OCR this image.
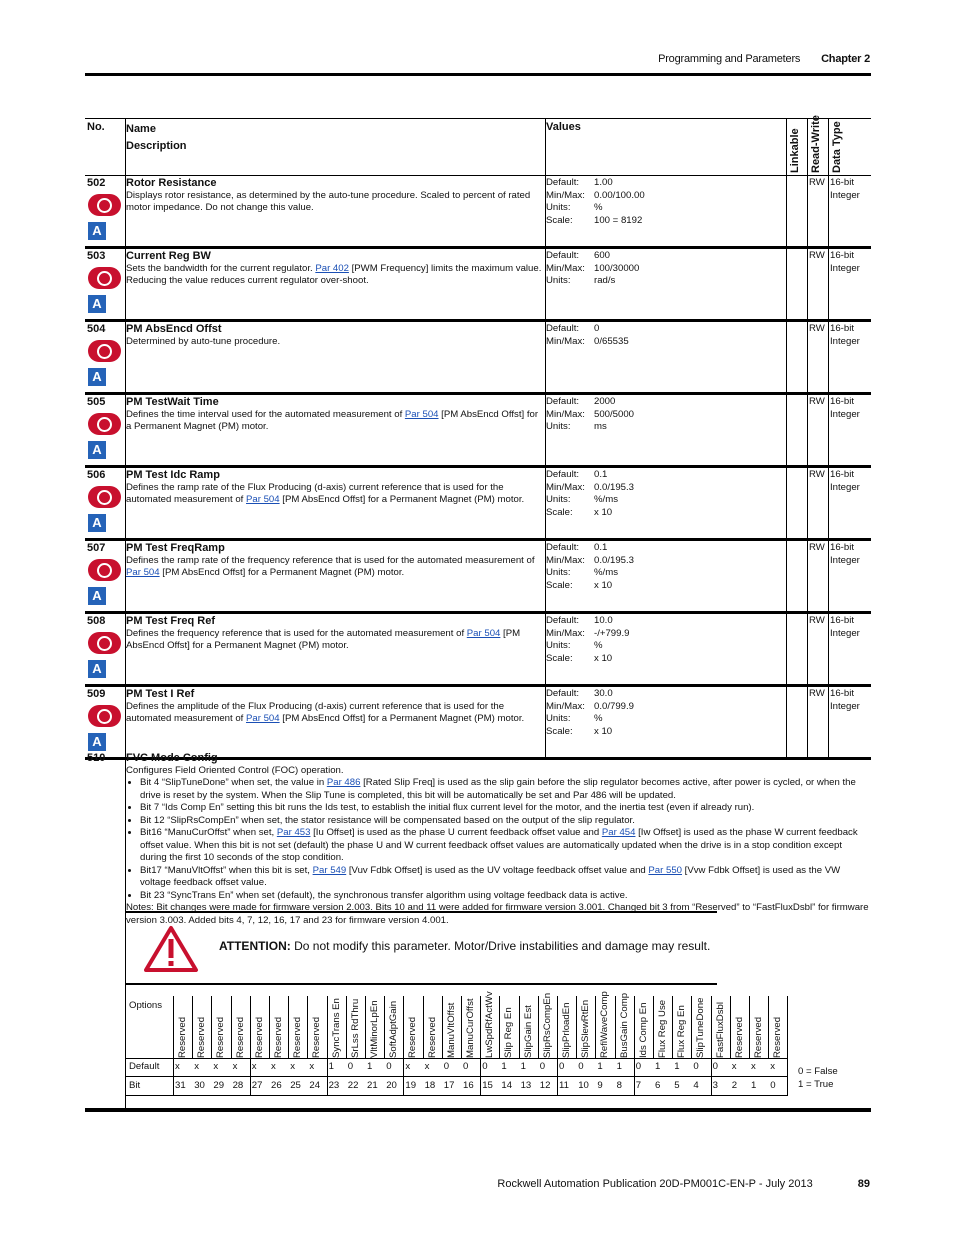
Programming and Parameters Chapter 2
No. Name
Description
Values
Linkable Read-Write Data Type
502
A
Rotor Resistance
Displays rotor resistance, as determined by the auto-tune procedure. Scaled to percent of rated motor impedance. Do not change this value.
Default:
Min/Max:
Units:
Scale:
1.00
0.00/100.00
%
100 = 8192
RW 16-bit Integer
503
A
Current Reg BW
Sets the bandwidth for the current regulator. Par 402 [PWM Frequency] limits the maximum value. Reducing the value reduces current regulator over-shoot.
Default:
Min/Max:
Units:
600
100/30000
rad/s
RW 16-bit Integer
504
A
PM AbsEncd Offst
Determined by auto-tune procedure.
Default:
Min/Max:
0
0/65535
RW 16-bit Integer
505
A
PM TestWait Time
Defines the time interval used for the automated measurement of Par 504 [PM AbsEncd Offst] for a Permanent Magnet (PM) motor.
Default:
Min/Max:
Units:
2000
500/5000
ms
RW 16-bit Integer
506
A
PM Test Idc Ramp
Defines the ramp rate of the Flux Producing (d-axis) current reference that is used for the automated measurement of Par 504 [PM AbsEncd Offst] for a Permanent Magnet (PM) motor.
Default:
Min/Max:
Units:
Scale:
0.1
0.0/195.3
%/ms
x 10
RW 16-bit Integer
507
A
PM Test FreqRamp
Defines the ramp rate of the frequency reference that is used for the automated measurement of Par 504 [PM AbsEncd Offst] for a Permanent Magnet (PM) motor.
Default:
Min/Max:
Units:
Scale:
0.1
0.0/195.3
%/ms
x 10
RW 16-bit Integer
508
A
PM Test Freq Ref
Defines the frequency reference that is used for the automated measurement of Par 504 [PM AbsEncd Offst] for a Permanent Magnet (PM) motor.
Default:
Min/Max:
Units:
Scale:
10.0
-/+799.9
%
x 10
RW 16-bit Integer
509
A
PM Test I Ref
Defines the amplitude of the Flux Producing (d-axis) current reference that is used for the automated measurement of Par 504 [PM AbsEncd Offst] for a Permanent Magnet (PM) motor.
Default:
Min/Max:
Units:
Scale:
30.0
0.0/799.9
%
x 10
RW 16-bit Integer
510 FVC Mode Config
Configures Field Oriented Control (FOC) operation.
• Bit 4 “SlipTuneDone” when set, the value in Par 486 [Rated Slip Freq] is used as the slip gain before the slip regulator becomes active, after power is cycled, or when the drive is reset by the system. When the Slip Tune is completed, this bit will be automatically be set and Par 486 will be updated.
• Bit 7 “Ids Comp En” setting this bit runs the Ids test, to establish the initial flux current level for the motor, and the inertia test (even if already run).
• Bit 12 “SlipRsCompEn” when set, the stator resistance will be compensated based on the output of the slip regulator.
• Bit16 “ManuCurOffst” when set, Par 453 [Iu Offset] is used as the phase U current feedback offset value and Par 454 [Iw Offset] is used as the phase W current feedback offset value. When this bit is not set (default) the phase U and W current feedback offset values are automatically updated when the drive is in a stop condition except during the first 10 seconds of the stop condition.
• Bit17 “ManuVltOffst” when this bit is set, Par 549 [Vuv Fdbk Offset] is used as the UV voltage feedback offset value and Par 550 [Vvw Fdbk Offset] is used as the VW voltage feedback offset value.
• Bit 23 “SyncTrans En” when set (default), the synchronous transfer algorithm using voltage feedback data is active.
Notes: Bit changes were made for firmware version 2.003. Bits 10 and 11 were added for firmware version 3.001. Changed bit 3 from “Reserved” to “FastFluxDsbl” for firmware version 3.003. Added bits 4, 7, 12, 16, 17 and 23 for firmware version 4.001.
ATTENTION: Do not modify this parameter. Motor/Drive instabilities and damage may result.
Options
Default
Bit
Reserved
x
31
Reserved
x
30
Reserved
x
29
Reserved
x
28
Reserved
x
27
Reserved
x
26
Reserved
x
25
Reserved
x
24
SyncTrans En
1
23
SrLss RdThru
0
22
VltMinorLpEn
1
21
SoftAdptGain
0
20
Reserved
x
19
Reserved
x
18
ManuVltOffst
0
17
ManuCurOffst
0
16
LwSpdRfActWv
0
15
Slip Reg En
1
14
SlipGain Est
1
13
SlipRsCompEn
0
12
SlipPrloadEn
0
11
SlipSlewRtEn
0
10
RefiWaveComp
1
9
BusGain Comp
1
8
Ids Comp En
0
7
Flux Reg Use
1
6
Flux Reg En
1
5
SlipTuneDone
0
4
FastFluxDsbl
0
3
Reserved
x
2
Reserved
x
1
Reserved
x
0
0 = False
1 = True
Rockwell Automation Publication 20D-PM001C-EN-P - July 2013	89
